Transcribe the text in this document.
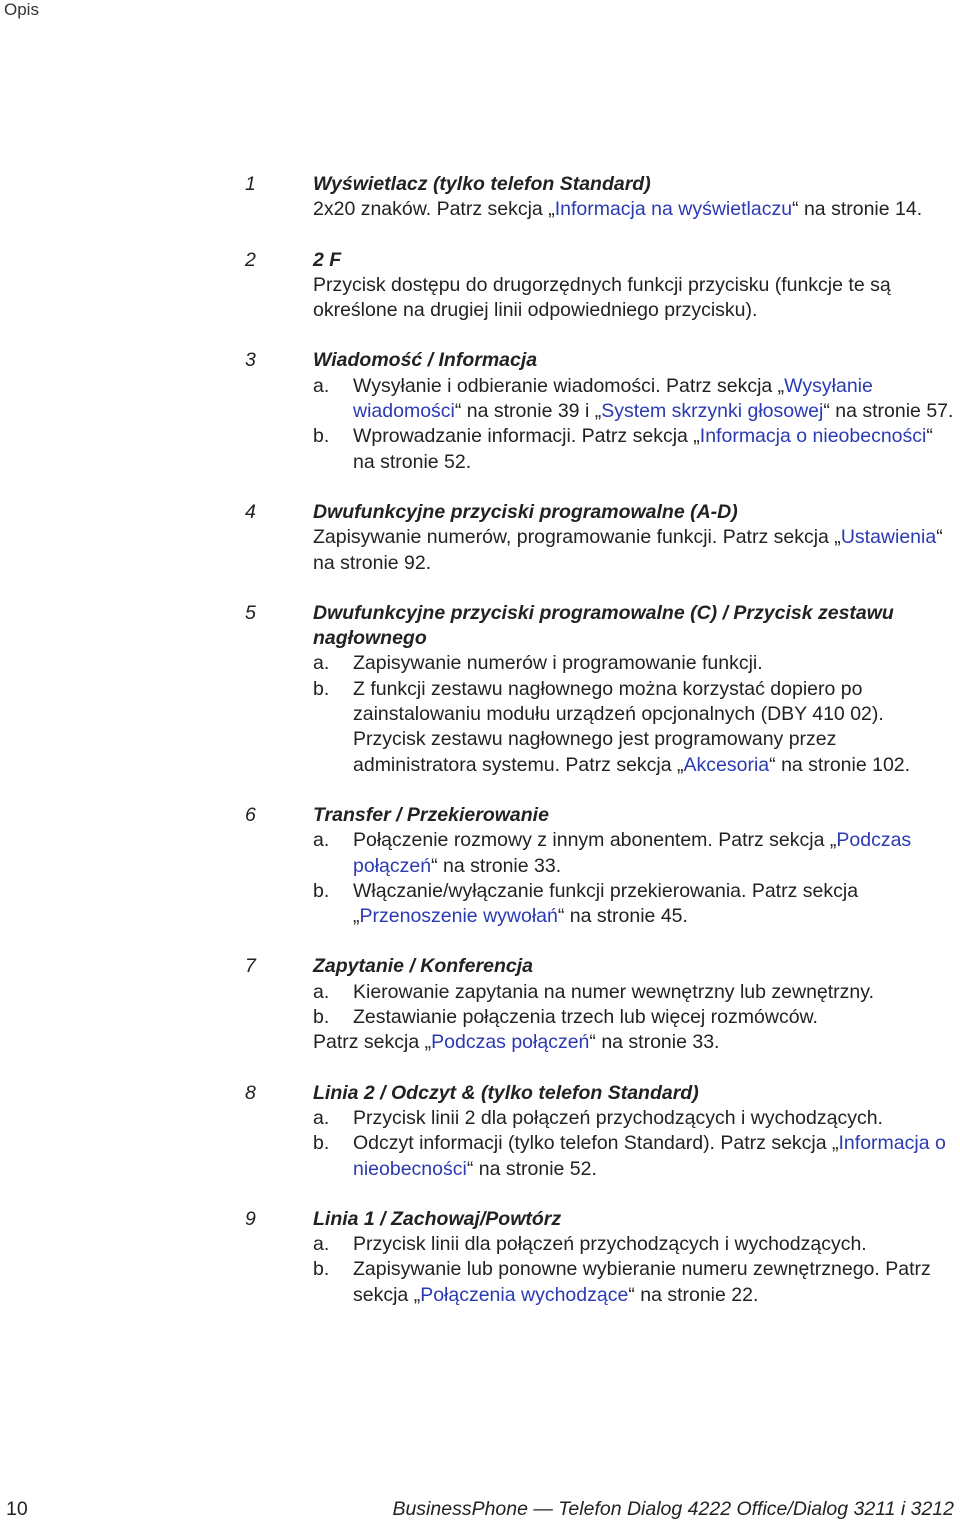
Opis
1	Wyświetlacz (tylko telefon Standard)
2x20 znaków. Patrz sekcja „Informacja na wyświetlaczu“ na stronie 14.
2	2 F
Przycisk dostępu do drugorzędnych funkcji przycisku (funkcje te są określone na drugiej linii odpowiedniego przycisku).
3	Wiadomość / Informacja
a.	Wysyłanie i odbieranie wiadomości. Patrz sekcja „Wysyłanie wiadomości“ na stronie 39 i „System skrzynki głosowej“ na stronie 57.
b.	Wprowadzanie informacji. Patrz sekcja „Informacja o nieobecności“ na stronie 52.
4	Dwufunkcyjne przyciski programowalne (A-D)
Zapisywanie numerów, programowanie funkcji. Patrz sekcja „Ustawienia“ na stronie 92.
5	Dwufunkcyjne przyciski programowalne (C) / Przycisk zestawu nagłownego
a.	Zapisywanie numerów i programowanie funkcji.
b.	Z funkcji zestawu nagłownego można korzystać dopiero po zainstalowaniu modułu urządzeń opcjonalnych (DBY 410 02). Przycisk zestawu nagłownego jest programowany przez administratora systemu. Patrz sekcja „Akcesoria“ na stronie 102.
6	Transfer / Przekierowanie
a.	Połączenie rozmowy z innym abonentem. Patrz sekcja „Podczas połączeń“ na stronie 33.
b.	Włączanie/wyłączanie funkcji przekierowania. Patrz sekcja „Przenoszenie wywołań“ na stronie 45.
7	Zapytanie / Konferencja
a.	Kierowanie zapytania na numer wewnętrzny lub zewnętrzny.
b.	Zestawianie połączenia trzech lub więcej rozmówców.
Patrz sekcja „Podczas połączeń“ na stronie 33.
8	Linia 2 / Odczyt & (tylko telefon Standard)
a.	Przycisk linii 2 dla połączeń przychodzących i wychodzących.
b.	Odczyt informacji (tylko telefon Standard). Patrz sekcja „Informacja o nieobecności“ na stronie 52.
9	Linia 1 / Zachowaj/Powtórz
a.	Przycisk linii dla połączeń przychodzących i wychodzących.
b.	Zapisywanie lub ponowne wybieranie numeru zewnętrznego. Patrz sekcja „Połączenia wychodzące“ na stronie 22.
10	BusinessPhone — Telefon Dialog 4222 Office/Dialog 3211 i 3212
